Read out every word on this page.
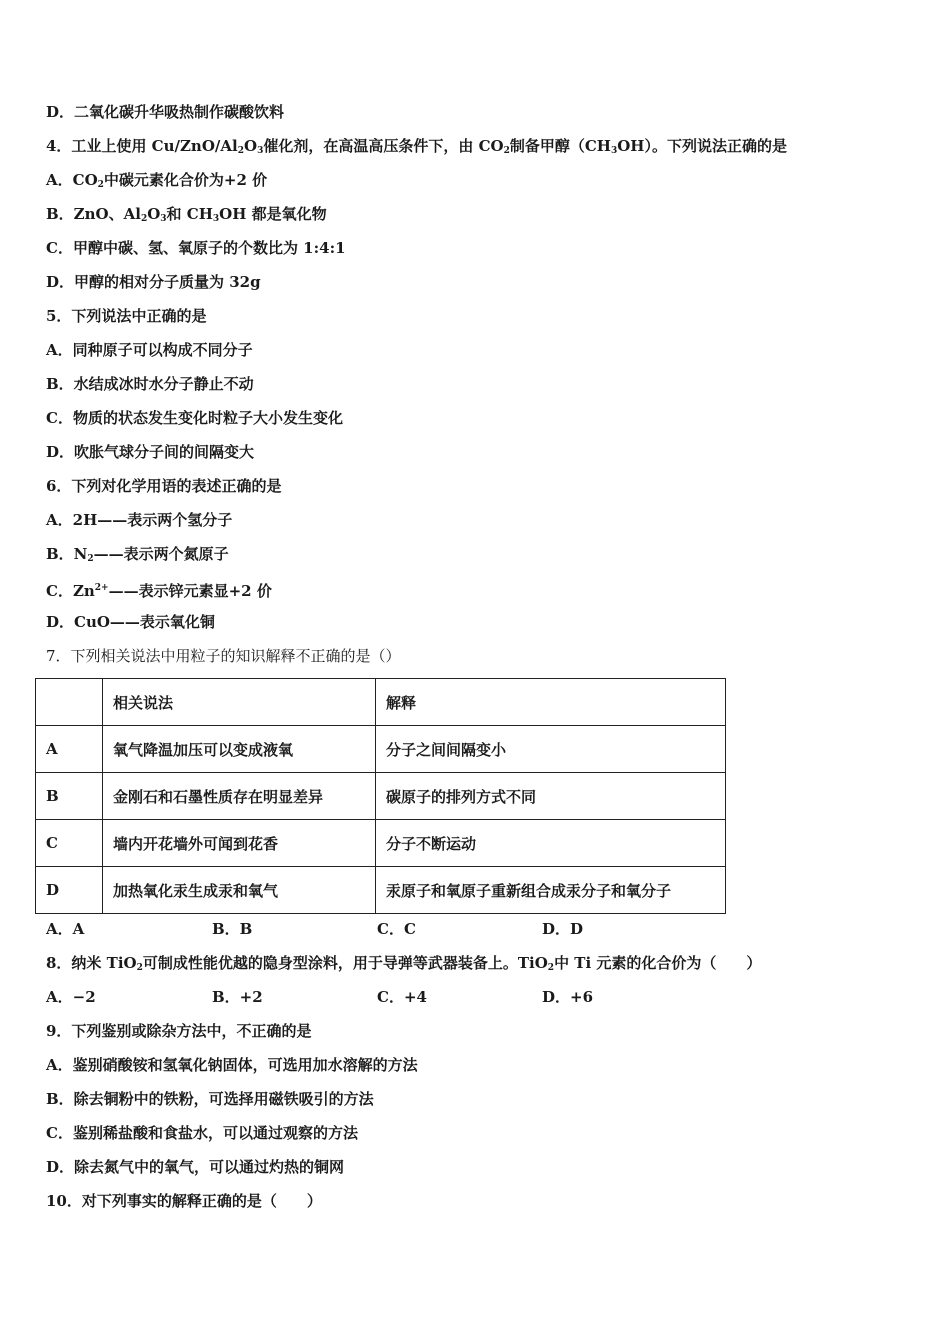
D．二氧化碳升华吸热制作碳酸饮料
4．工业上使用 $Cu/ZnO/Al_2O_3$催化剂，在高温高压条件下，由 $CO_2$制备甲醇$(CH_3OH)$。下列说法正确的是
A．$CO_2$中碳元素化合价为+2 价
B．ZnO、$Al_2O_3$和 $CH_3OH$ 都是氧化物
C．甲醇中碳、氢、氧原子的个数比为 1:4:1
D．甲醇的相对分子质量为 32g
5．下列说法中正确的是
A．同种原子可以构成不同分子
B．水结成冰时水分子静止不动
C．物质的状态发生变化时粒子大小发生变化
D．吹胀气球分子间的间隔变大
6．下列对化学用语的表述正确的是
A．2H——表示两个氢分子
B．$N_2——$表示两个氮原子
C．$Zn^{2+}——$表示锌元素显+2 价
D．CuO——表示氧化铜
7．下列相关说法中用粒子的知识解释不正确的是（）
	相关说法	解释
A	氧气降温加压可以变成液氧	分子之间间隔变小
B	金刚石和石墨性质存在明显差异	碳原子的排列方式不同
C	墙内开花墙外可闻到花香	分子不断运动
D	加热氧化汞生成汞和氧气	汞原子和氧原子重新组合成汞分子和氧分子
A．A	B．B	C．C	D．D
8．纳米 TiO$_2$可制成性能优越的隐身型涂料，用于导弹等武器装备上。TiO$_2$中 Ti 元素的化合价为（　　）
A．−2	B．+2	C．+4	D．+6
9．下列鉴别或除杂方法中，不正确的是
A．鉴别硝酸铵和氢氧化钠固体，可选用加水溶解的方法
B．除去铜粉中的铁粉，可选择用磁铁吸引的方法
C．鉴别稀盐酸和食盐水，可以通过观察的方法
D．除去氮气中的氧气，可以通过灼热的铜网
10．对下列事实的解释正确的是（　　）
